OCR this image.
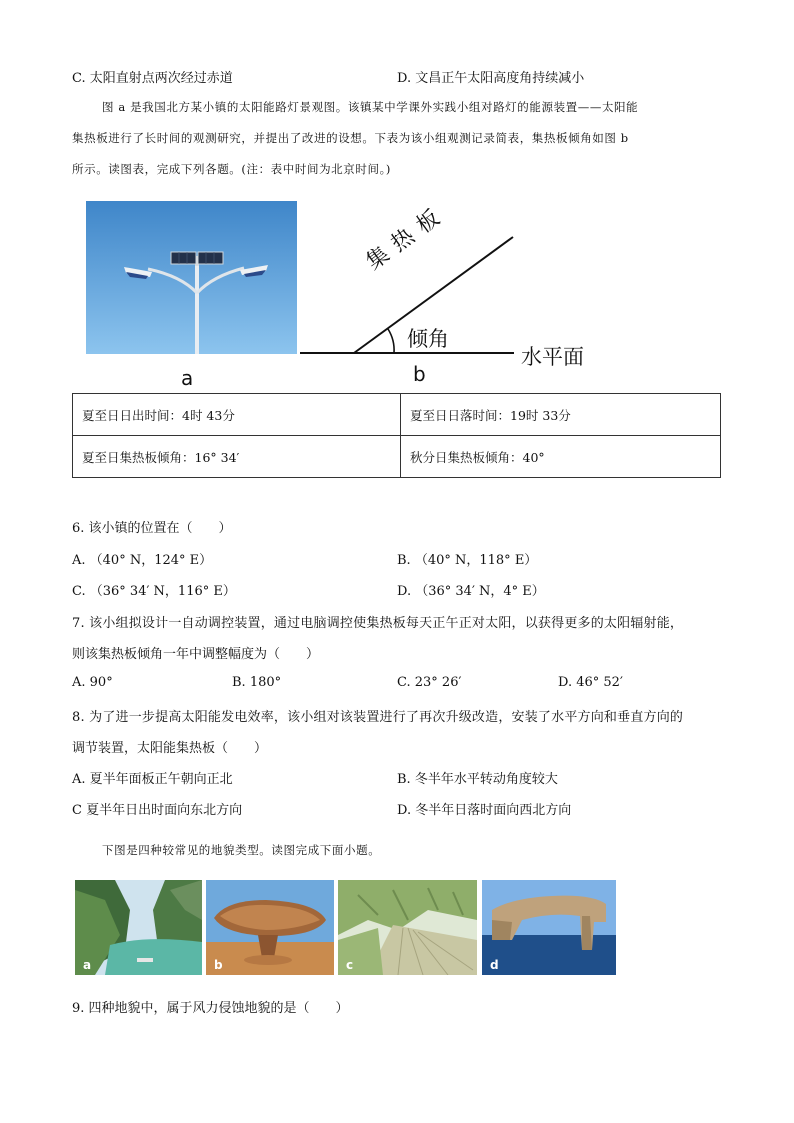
C. 太阳直射点两次经过赤道	D. 文昌正午太阳高度角持续减小
图 a 是我国北方某小镇的太阳能路灯景观图。该镇某中学课外实践小组对路灯的能源装置——太阳能
集热板进行了长时间的观测研究，并提出了改进的设想。下表为该小组观测记录简表，集热板倾角如图 b
所示。读图表，完成下列各题。(注：表中时间为北京时间。)
a
集热板
倾角
水平面
b
夏至日日出时间：4时 43分	夏至日日落时间：19时 33分
夏至日集热板倾角：16° 34′	秋分日集热板倾角：40°
6. 该小镇的位置在（　　）
A. （40° N，124° E）	B. （40° N，118° E）
C. （36° 34′ N，116° E）	D. （36° 34′ N，4° E）
7. 该小组拟设计一自动调控装置，通过电脑调控使集热板每天正午正对太阳，以获得更多的太阳辐射能，
则该集热板倾角一年中调整幅度为（　　）
A. 90°	B. 180°	C. 23° 26′	D. 46° 52′
8. 为了进一步提高太阳能发电效率，该小组对该装置进行了再次升级改造，安装了水平方向和垂直方向的
调节装置，太阳能集热板（　　）
A. 夏半年面板正午朝向正北	B. 冬半年水平转动角度较大
C 夏半年日出时面向东北方向	D. 冬半年日落时面向西北方向
下图是四种较常见的地貌类型。读图完成下面小题。
a	b	c	d
9. 四种地貌中，属于风力侵蚀地貌的是（　　）
